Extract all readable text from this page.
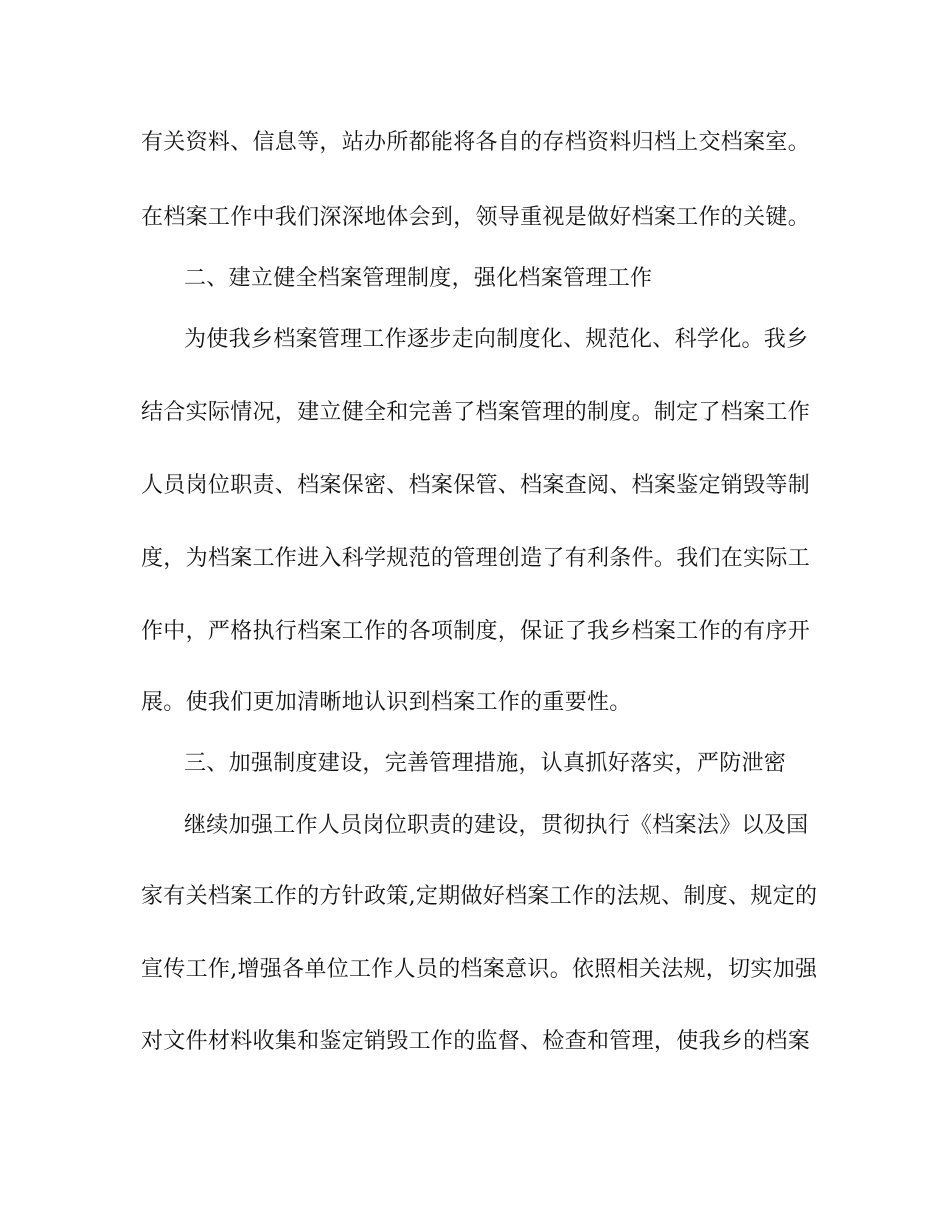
有关资料、信息等，站办所都能将各自的存档资料归档上交档案室。
在档案工作中我们深深地体会到，领导重视是做好档案工作的关键。
二、建立健全档案管理制度，强化档案管理工作
为使我乡档案管理工作逐步走向制度化、规范化、科学化。我乡
结合实际情况，建立健全和完善了档案管理的制度。制定了档案工作
人员岗位职责、档案保密、档案保管、档案查阅、档案鉴定销毁等制
度，为档案工作进入科学规范的管理创造了有利条件。我们在实际工
作中，严格执行档案工作的各项制度，保证了我乡档案工作的有序开
展。使我们更加清晰地认识到档案工作的重要性。
三、加强制度建设，完善管理措施，认真抓好落实，严防泄密
继续加强工作人员岗位职责的建设，贯彻执行《档案法》以及国
家有关档案工作的方针政策,定期做好档案工作的法规、制度、规定的
宣传工作,增强各单位工作人员的档案意识。依照相关法规，切实加强
对文件材料收集和鉴定销毁工作的监督、检查和管理，使我乡的档案
